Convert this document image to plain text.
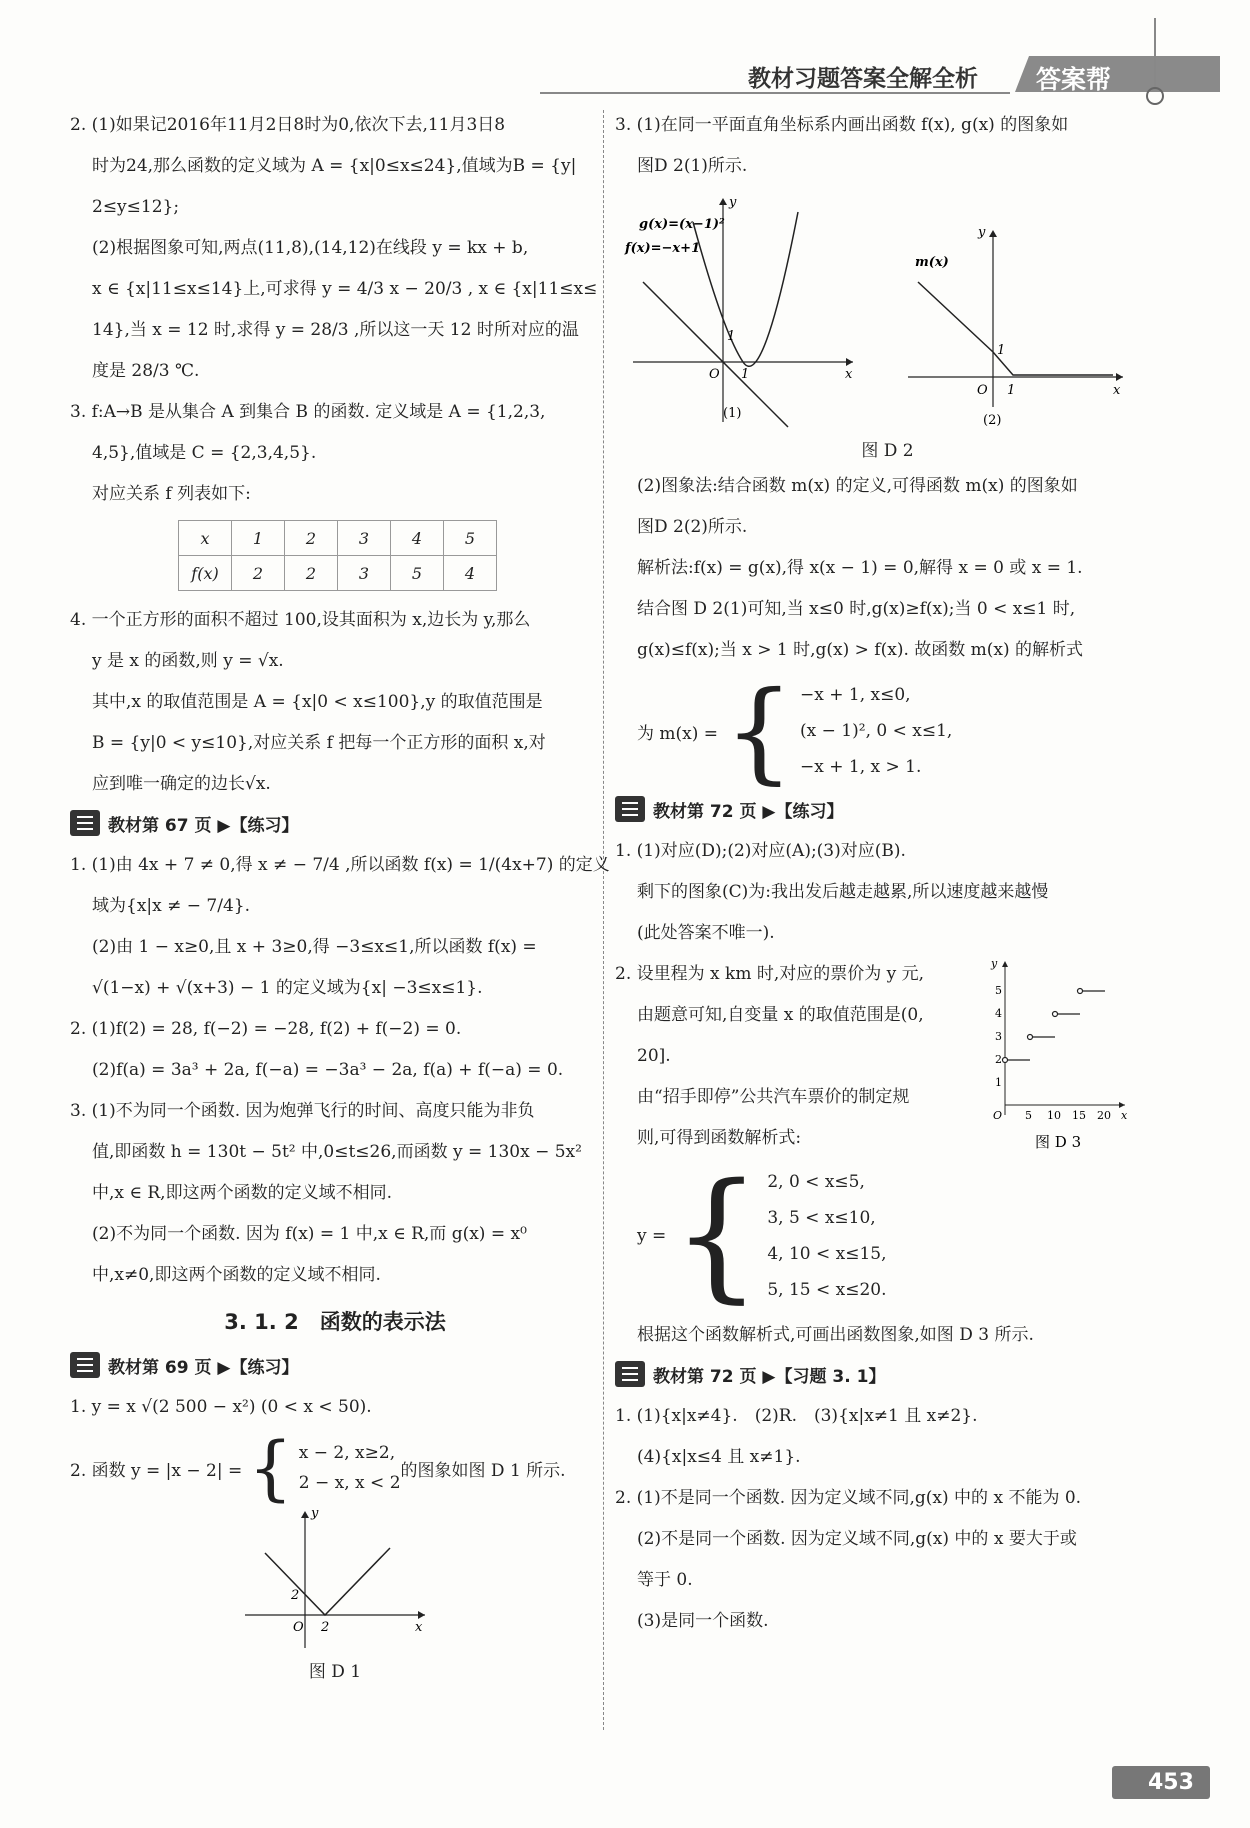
教材习题答案全解全析 答案帮
2. (1)如果记2016年11月2日8时为0,依次下去,11月3日8
时为24,那么函数的定义域为 A = {x|0≤x≤24},值域为B = {y|
2≤y≤12};
(2)根据图象可知,两点(11,8),(14,12)在线段 y = kx + b,
x ∈ {x|11≤x≤14}上,可求得 y = 4/3 x − 20/3 , x ∈ {x|11≤x≤
14},当 x = 12 时,求得 y = 28/3 ,所以这一天 12 时所对应的温
度是 28/3 ℃.
3. f:A→B 是从集合 A 到集合 B 的函数. 定义域是 A = {1,2,3,
4,5},值域是 C = {2,3,4,5}.
对应关系 f 列表如下:
x	1	2	3	4	5
f(x)	2	2	3	5	4
4. 一个正方形的面积不超过 100,设其面积为 x,边长为 y,那么
y 是 x 的函数,则 y = √x.
其中,x 的取值范围是 A = {x|0 < x≤100},y 的取值范围是
B = {y|0 < y≤10},对应关系 f 把每一个正方形的面积 x,对
应到唯一确定的边长√x.
教材第 67 页 ▶【练习】
1. (1)由 4x + 7 ≠ 0,得 x ≠ − 7/4 ,所以函数 f(x) = 1/(4x+7) 的定义
域为{x|x ≠ − 7/4}.
(2)由 1 − x≥0,且 x + 3≥0,得 −3≤x≤1,所以函数 f(x) =
√(1−x) + √(x+3) − 1 的定义域为{x| −3≤x≤1}.
2. (1)f(2) = 28, f(−2) = −28, f(2) + f(−2) = 0.
(2)f(a) = 3a³ + 2a, f(−a) = −3a³ − 2a, f(a) + f(−a) = 0.
3. (1)不为同一个函数. 因为炮弹飞行的时间、高度只能为非负
值,即函数 h = 130t − 5t² 中,0≤t≤26,而函数 y = 130x − 5x²
中,x ∈ R,即这两个函数的定义域不相同.
(2)不为同一个函数. 因为 f(x) = 1 中,x ∈ R,而 g(x) = x⁰
中,x≠0,即这两个函数的定义域不相同.
3. 1. 2　函数的表示法
教材第 69 页 ▶【练习】
1. y = x √(2 500 − x²) (0 < x < 50).
2. 函数 y = |x − 2| = { x − 2, x≥2,
2 − x, x < 2
的图象如图 D 1 所示.
y
x
O 2
2
图 D 1
3. (1)在同一平面直角坐标系内画出函数 f(x), g(x) 的图象如
图D 2(1)所示.
y
x
O 1
1
g(x)=(x−1)²
f(x)=−x+1
(1)
y
x
O 1
1
m(x)
(2)
图 D 2
(2)图象法:结合函数 m(x) 的定义,可得函数 m(x) 的图象如
图D 2(2)所示.
解析法:f(x) = g(x),得 x(x − 1) = 0,解得 x = 0 或 x = 1.
结合图 D 2(1)可知,当 x≤0 时,g(x)≥f(x);当 0 < x≤1 时,
g(x)≤f(x);当 x > 1 时,g(x) > f(x). 故函数 m(x) 的解析式
为 m(x) = { −x + 1, x≤0,
(x − 1)², 0 < x≤1,
−x + 1, x > 1.
教材第 72 页 ▶【练习】
1. (1)对应(D);(2)对应(A);(3)对应(B).
剩下的图象(C)为:我出发后越走越累,所以速度越来越慢
(此处答案不唯一).
2. 设里程为 x km 时,对应的票价为 y 元,
由题意可知,自变量 x 的取值范围是(0,
20].
由“招手即停”公共汽车票价的制定规
则,可得到函数解析式:
y
x
O 5 10 15 20
1
2
3
4
5
图 D 3
y = { 2, 0 < x≤5,
3, 5 < x≤10,
4, 10 < x≤15,
5, 15 < x≤20.
根据这个函数解析式,可画出函数图象,如图 D 3 所示.
教材第 72 页 ▶【习题 3. 1】
1. (1){x|x≠4}.　(2)R.　(3){x|x≠1 且 x≠2}.
(4){x|x≤4 且 x≠1}.
2. (1)不是同一个函数. 因为定义域不同,g(x) 中的 x 不能为 0.
(2)不是同一个函数. 因为定义域不同,g(x) 中的 x 要大于或
等于 0.
(3)是同一个函数.
453
